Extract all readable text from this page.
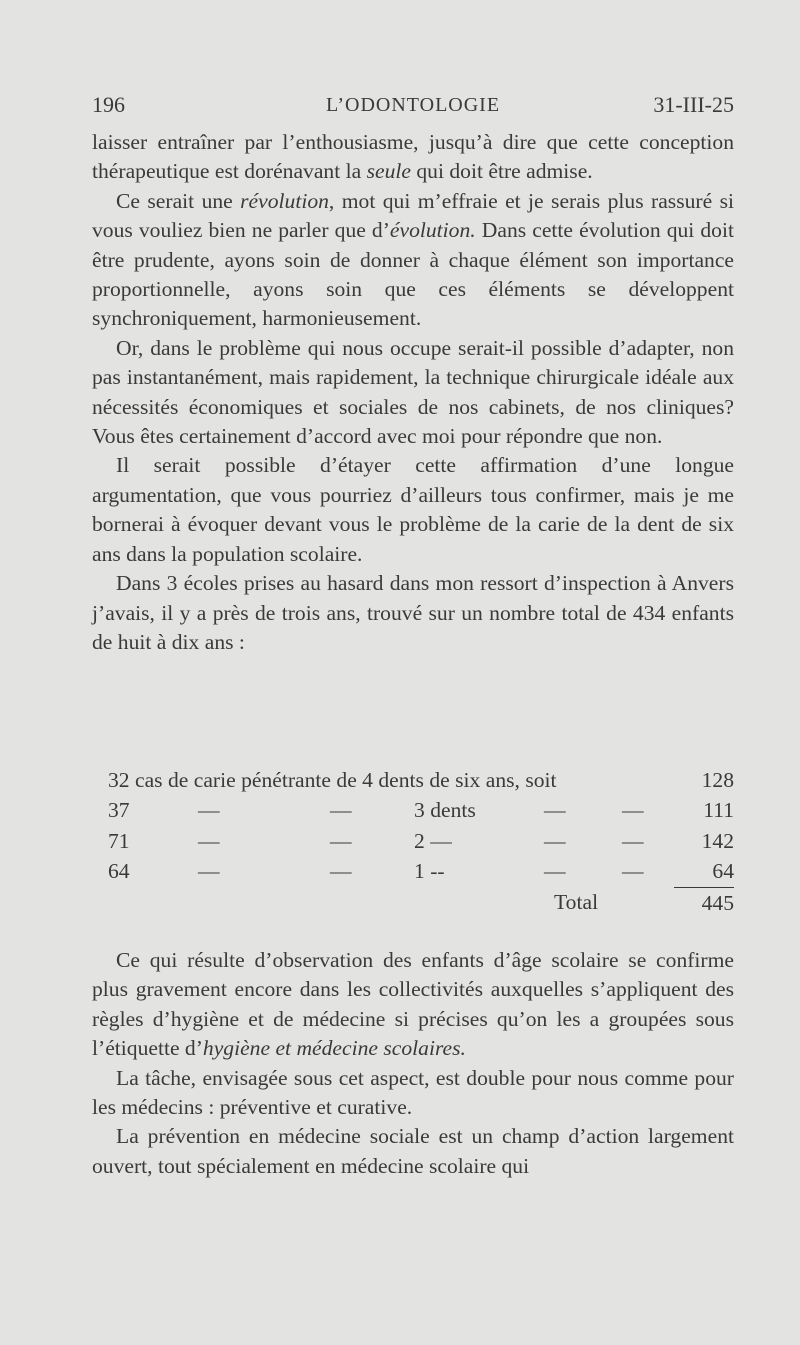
196	L’ODONTOLOGIE	31-III-25

laisser entraîner par l’enthousiasme, jusqu’à dire que cette conception thérapeutique est dorénavant la seule qui doit être admise.

Ce serait une révolution, mot qui m’effraie et je serais plus rassuré si vous vouliez bien ne parler que d’évolution. Dans cette évolution qui doit être prudente, ayons soin de donner à chaque élément son importance proportionnelle, ayons soin que ces éléments se développent synchroniquement, harmonieusement.

Or, dans le problème qui nous occupe serait-il possible d’adapter, non pas instantanément, mais rapidement, la technique chirurgicale idéale aux nécessités économiques et sociales de nos cabinets, de nos cliniques? Vous êtes certainement d’accord avec moi pour répondre que non.

Il serait possible d’étayer cette affirmation d’une longue argumentation, que vous pourriez d’ailleurs tous confirmer, mais je me bornerai à évoquer devant vous le problème de la carie de la dent de six ans dans la population scolaire.

Dans 3 écoles prises au hasard dans mon ressort d’inspection à Anvers j’avais, il y a près de trois ans, trouvé sur un nombre total de 434 enfants de huit à dix ans :

32 cas de carie pénétrante de 4 dents de six ans, soit	128
37	—	—	3 dents	—	—	111
71	—	—	2 —	—	—	142
64	—	—	1 --	—	—	64
Total	445

Ce qui résulte d’observation des enfants d’âge scolaire se confirme plus gravement encore dans les collectivités auxquelles s’appliquent des règles d’hygiène et de médecine si précises qu’on les a groupées sous l’étiquette d’hygiène et médecine scolaires.

La tâche, envisagée sous cet aspect, est double pour nous comme pour les médecins : préventive et curative.

La prévention en médecine sociale est un champ d’action largement ouvert, tout spécialement en médecine scolaire qui
